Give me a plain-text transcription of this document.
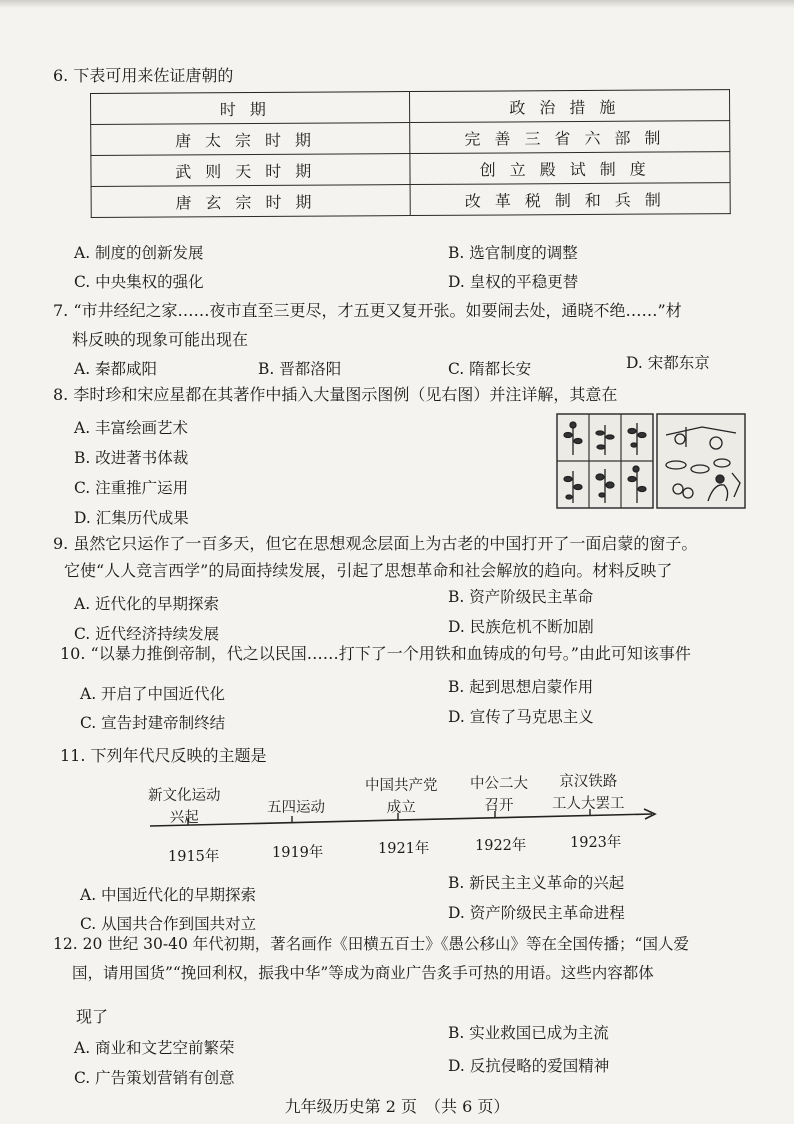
6. 下表可用来佐证唐朝的
时期	政治措施
唐太宗时期	完善三省六部制
武则天时期	创立殿试制度
唐玄宗时期	改革税制和兵制
A. 制度的创新发展	B. 选官制度的调整
C. 中央集权的强化	D. 皇权的平稳更替
7. “市井经纪之家……夜市直至三更尽，才五更又复开张。如要闹去处，通晓不绝……”材
料反映的现象可能出现在
A. 秦都咸阳	B. 晋都洛阳	C. 隋都长安	D. 宋都东京
8. 李时珍和宋应星都在其著作中插入大量图示图例（见右图）并注详解，其意在
A. 丰富绘画艺术
B. 改进著书体裁
C. 注重推广运用
D. 汇集历代成果
9. 虽然它只运作了一百多天，但它在思想观念层面上为古老的中国打开了一面启蒙的窗子。
它使“人人竞言西学”的局面持续发展，引起了思想革命和社会解放的趋向。材料反映了
A. 近代化的早期探索	B. 资产阶级民主革命
C. 近代经济持续发展	D. 民族危机不断加剧
10. “以暴力推倒帝制，代之以民国……打下了一个用铁和血铸成的句号。”由此可知该事件
A. 开启了中国近代化	B. 起到思想启蒙作用
C. 宣告封建帝制终结	D. 宣传了马克思主义
11. 下列年代尺反映的主题是
新文化运动
兴起
五四运动
中国共产党
成立
中公二大
召开
京汉铁路
工人大罢工
1915年	1919年	1921年	1922年	1923年
A. 中国近代化的早期探索
B. 新民主主义革命的兴起
C. 从国共合作到国共对立
D. 资产阶级民主革命进程
12. 20 世纪 30-40 年代初期，著名画作《田横五百士》《愚公移山》等在全国传播；“国人爱
国，请用国货”“挽回利权，振我中华”等成为商业广告炙手可热的用语。这些内容都体
现了
A. 商业和文艺空前繁荣
B. 实业救国已成为主流
C. 广告策划营销有创意
D. 反抗侵略的爱国精神
九年级历史第 2 页　（共 6 页）
